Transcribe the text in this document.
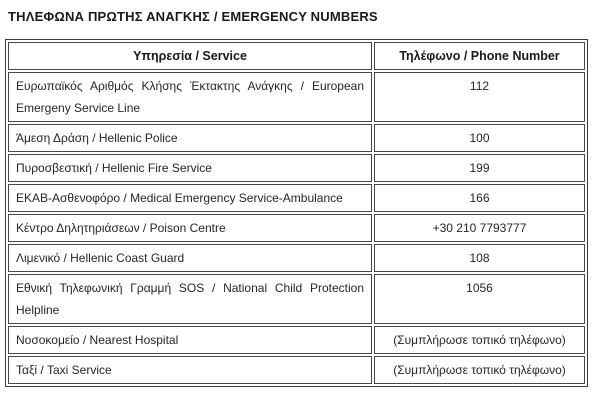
ΤΗΛΕΦΩΝΑ ΠΡΩΤΗΣ ΑΝΑΓΚΗΣ / EMERGENCY NUMBERS
Υπηρεσία / Service	Τηλέφωνο / Phone Number
Ευρωπαϊκός Αριθμός Κλήσης Έκτακτης Ανάγκης / European Emergeny Service Line	112
Άμεση Δράση / Hellenic Police	100
Πυροσβεστική / Hellenic Fire Service	199
ΕΚΑΒ-Ασθενοφόρο / Medical Emergency Service-Ambulance	166
Κέντρο Δηλητηριάσεων / Poison Centre	+30 210 7793777
Λιμενικό / Hellenic Coast Guard	108
Εθνική Τηλεφωνική Γραμμή SOS / National Child Protection Helpline	1056
Νοσοκομείο / Nearest Hospital	(Συμπλήρωσε τοπικό τηλέφωνο)
Ταξί / Taxi Service	(Συμπλήρωσε τοπικό τηλέφωνο)
